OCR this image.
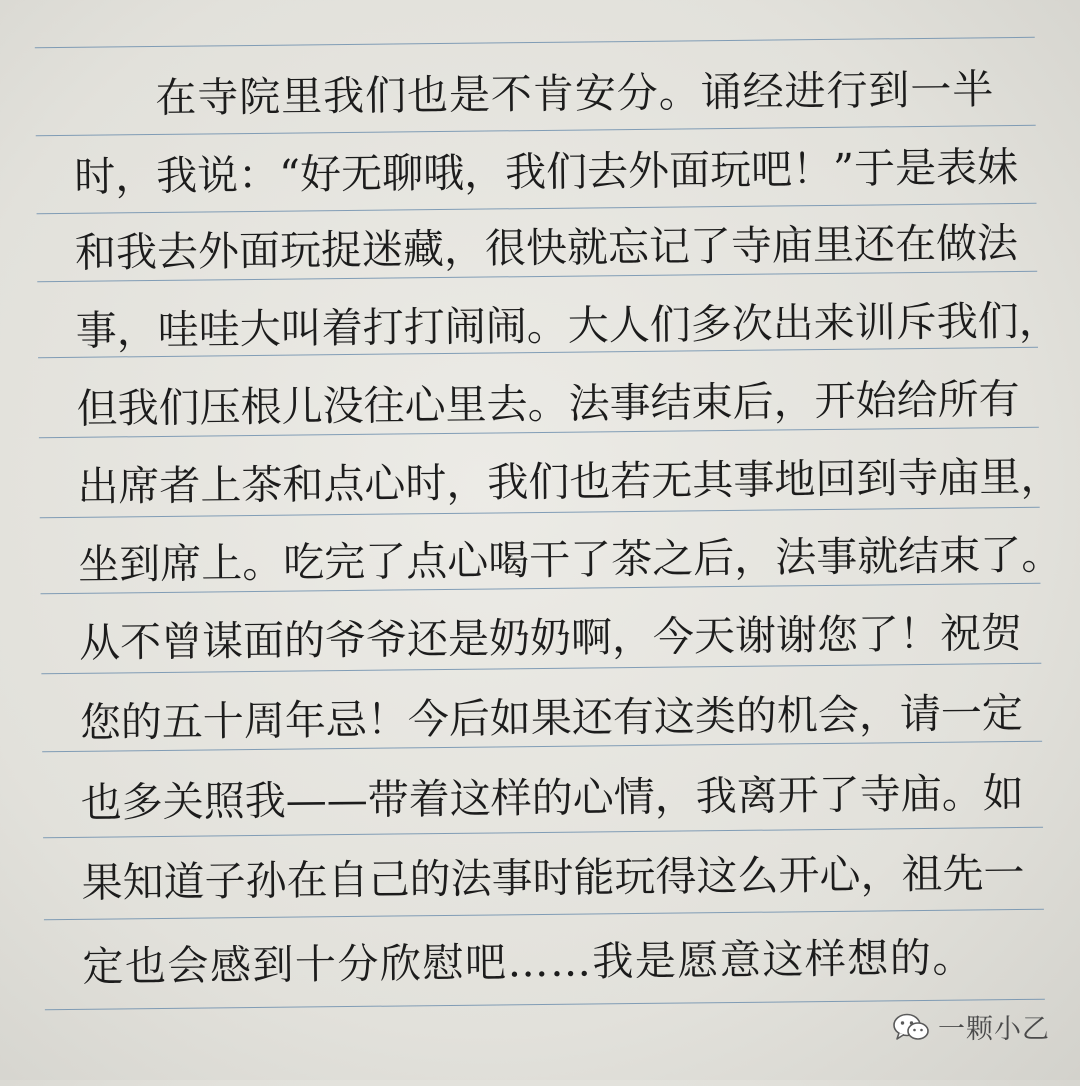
在寺院里我们也是不肯安分。诵经进行到一半
时，我说：“好无聊哦，我们去外面玩吧！”于是表妹
和我去外面玩捉迷藏，很快就忘记了寺庙里还在做法
事，哇哇大叫着打打闹闹。大人们多次出来训斥我们，
但我们压根儿没往心里去。法事结束后，开始给所有
出席者上茶和点心时，我们也若无其事地回到寺庙里，
坐到席上。吃完了点心喝干了茶之后，法事就结束了。
从不曾谋面的爷爷还是奶奶啊，今天谢谢您了！祝贺
您的五十周年忌！今后如果还有这类的机会，请一定
也多关照我——带着这样的心情，我离开了寺庙。如
果知道子孙在自己的法事时能玩得这么开心，祖先一
定也会感到十分欣慰吧……我是愿意这样想的。
一颗小乙
